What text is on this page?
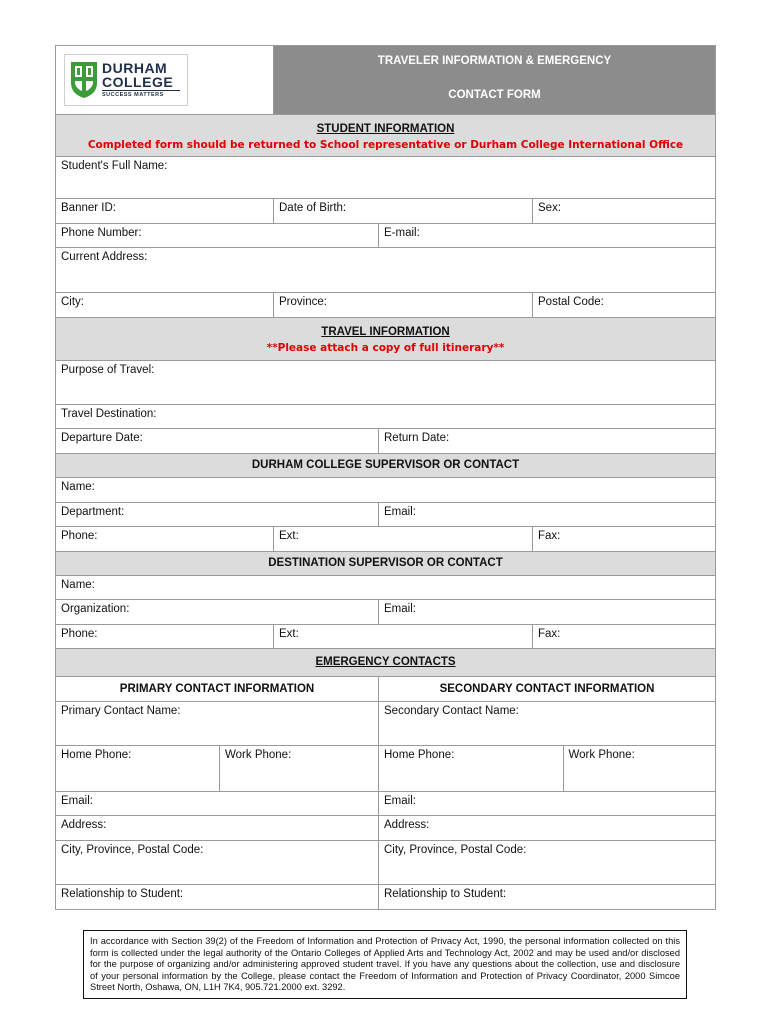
DURHAM
COLLEGE
SUCCESS MATTERS
	TRAVELER INFORMATION & EMERGENCY
CONTACT FORM

STUDENT INFORMATION
Completed form should be returned to School representative or Durham College International Office

Student's Full Name:
Banner ID:	Date of Birth:	Sex:
Phone Number:	E-mail:
Current Address:
City:	Province:	Postal Code:

TRAVEL INFORMATION
**Please attach a copy of full itinerary**

Purpose of Travel:
Travel Destination:
Departure Date:	Return Date:
DURHAM COLLEGE SUPERVISOR OR CONTACT
Name:
Department:	Email:
Phone:	Ext:	Fax:
DESTINATION SUPERVISOR OR CONTACT
Name:
Organization:	Email:
Phone:	Ext:	Fax:

EMERGENCY CONTACTS

PRIMARY CONTACT INFORMATION	SECONDARY CONTACT INFORMATION
Primary Contact Name:	Secondary Contact Name:
Home Phone:	Work Phone:		Home Phone:	Work Phone:

Email:	Email:
Address:	Address:
City, Province, Postal Code:	City, Province, Postal Code:
Relationship to Student:	Relationship to Student:
In accordance with Section 39(2) of the Freedom of Information and Protection of Privacy Act, 1990, the personal information collected on this form is collected under the legal authority of the Ontario Colleges of Applied Arts and Technology Act, 2002 and may be used and/or disclosed for the purpose of organizing and/or administering approved student travel. If you have any questions about the collection, use and disclosure of your personal information by the College, please contact the Freedom of Information and Protection of Privacy Coordinator, 2000 Simcoe Street North, Oshawa, ON, L1H 7K4, 905.721.2000 ext. 3292.
